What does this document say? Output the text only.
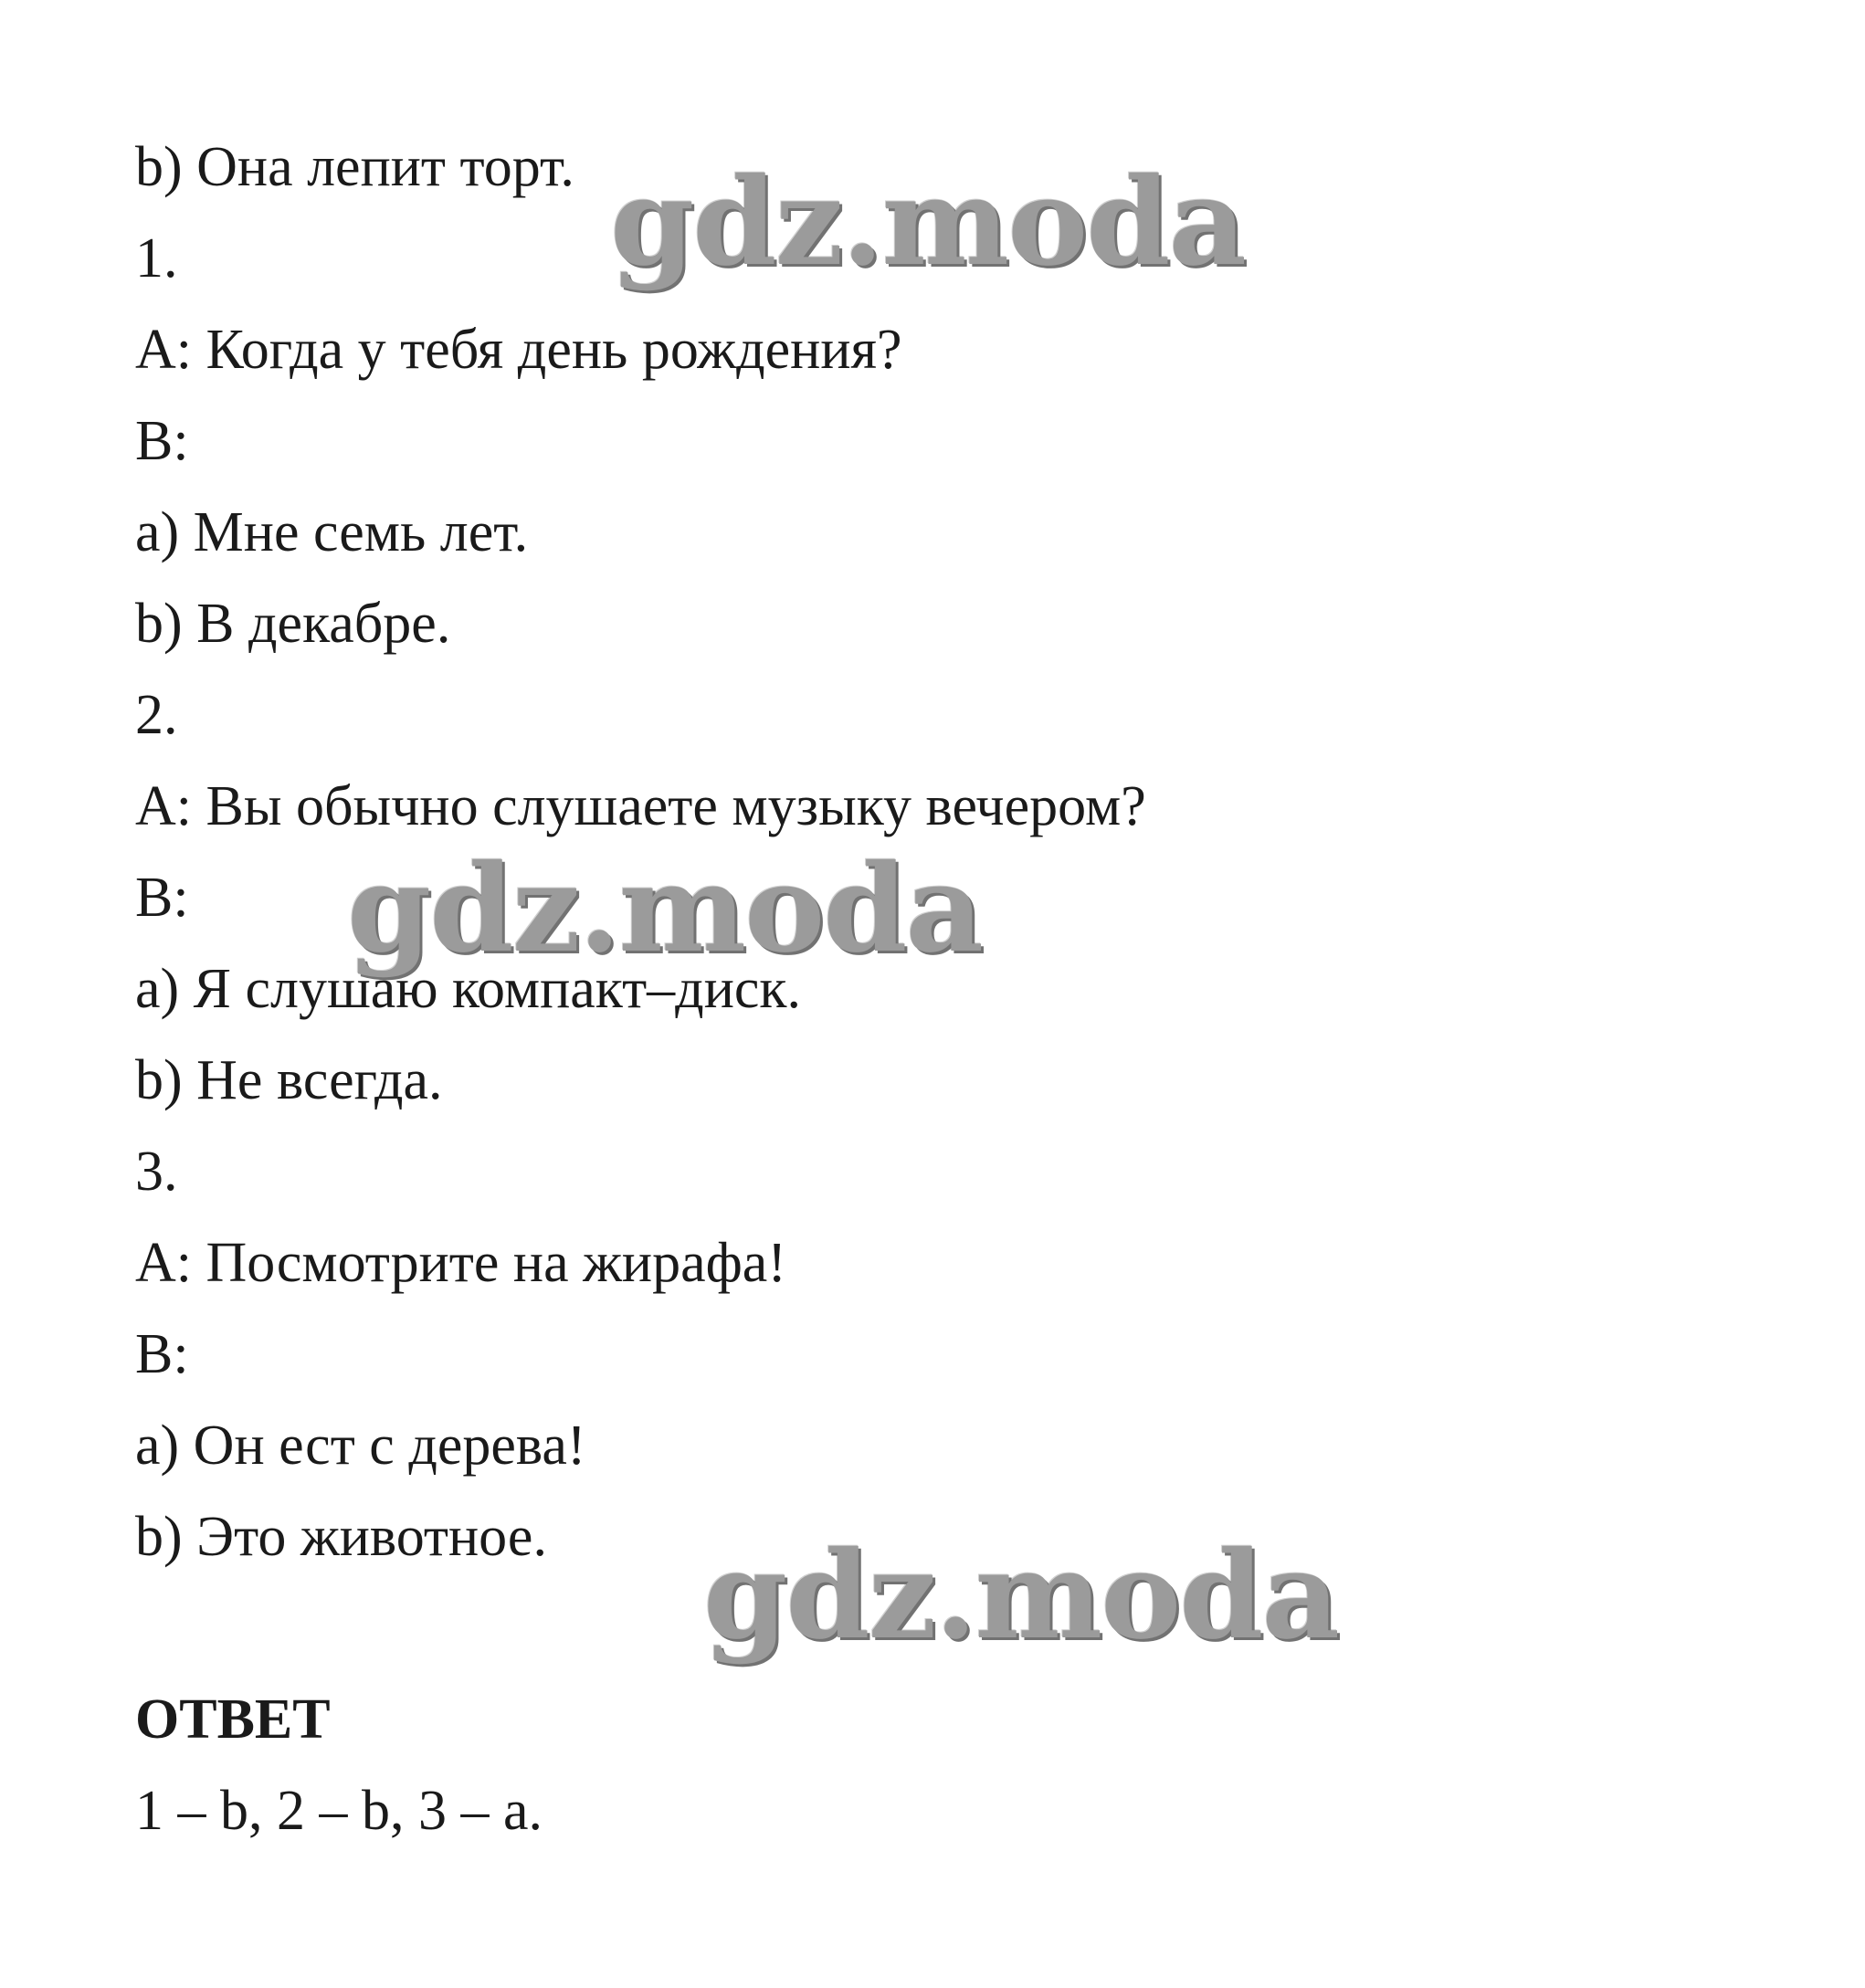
b) Она лепит торт.
1.
A: Когда у тебя день рождения?
B:
a) Мне семь лет.
b) В декабре.
2.
A: Вы обычно слушаете музыку вечером?
B:
a) Я слушаю компакт–диск.
b) Не всегда.
3.
A: Посмотрите на жирафа!
B:
a) Он ест с дерева!
b) Это животное.
ОТВЕТ
1 – b, 2 – b, 3 – a.
gdz.moda
gdz.moda
gdz.moda
